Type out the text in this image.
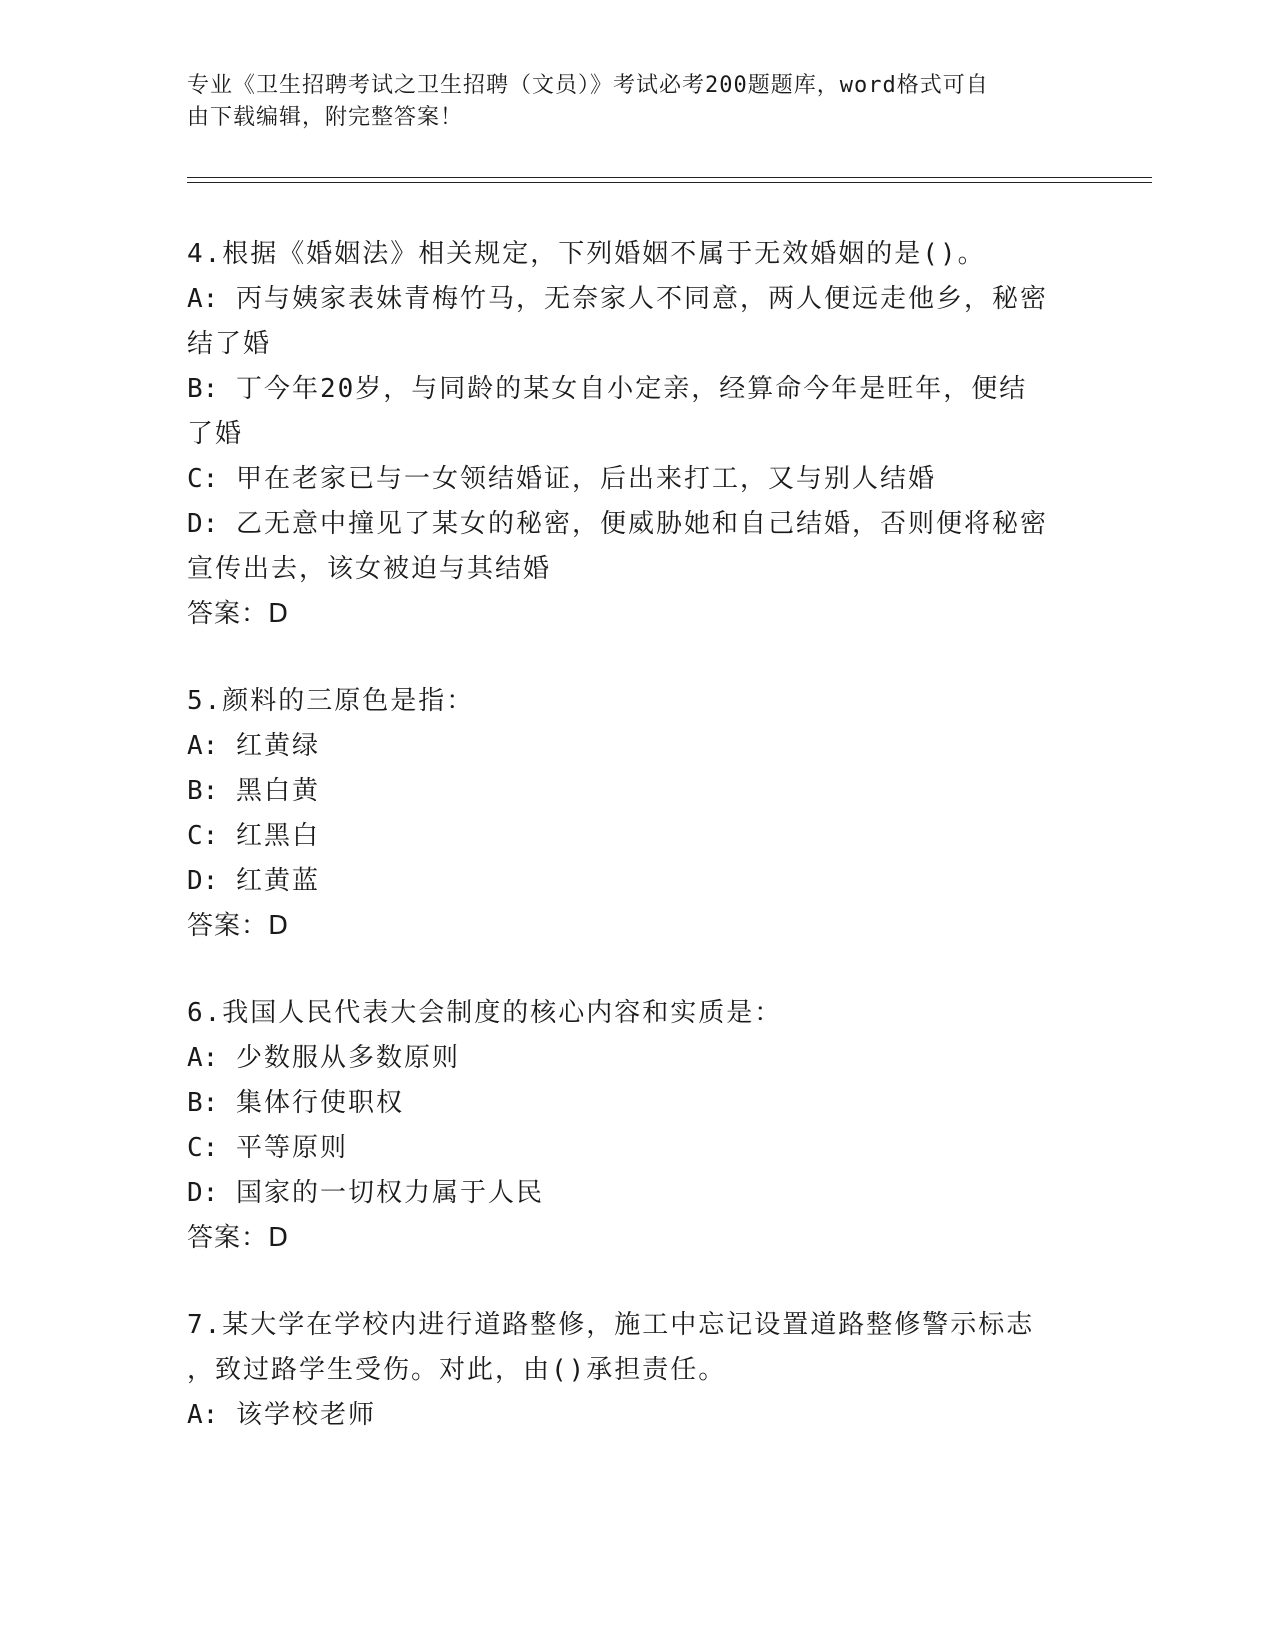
专业《卫生招聘考试之卫生招聘（文员）》考试必考200题题库，word格式可自
由下载编辑，附完整答案！
4.根据《婚姻法》相关规定，下列婚姻不属于无效婚姻的是()。
A: 丙与姨家表妹青梅竹马，无奈家人不同意，两人便远走他乡，秘密
结了婚
B: 丁今年20岁，与同龄的某女自小定亲，经算命今年是旺年，便结
了婚
C: 甲在老家已与一女领结婚证，后出来打工，又与别人结婚
D: 乙无意中撞见了某女的秘密，便威胁她和自己结婚，否则便将秘密
宣传出去，该女被迫与其结婚
答案：D
5.颜料的三原色是指：
A: 红黄绿
B: 黑白黄
C: 红黑白
D: 红黄蓝
答案：D
6.我国人民代表大会制度的核心内容和实质是：
A: 少数服从多数原则
B: 集体行使职权
C: 平等原则
D: 国家的一切权力属于人民
答案：D
7.某大学在学校内进行道路整修，施工中忘记设置道路整修警示标志
，致过路学生受伤。对此，由()承担责任。
A: 该学校老师
